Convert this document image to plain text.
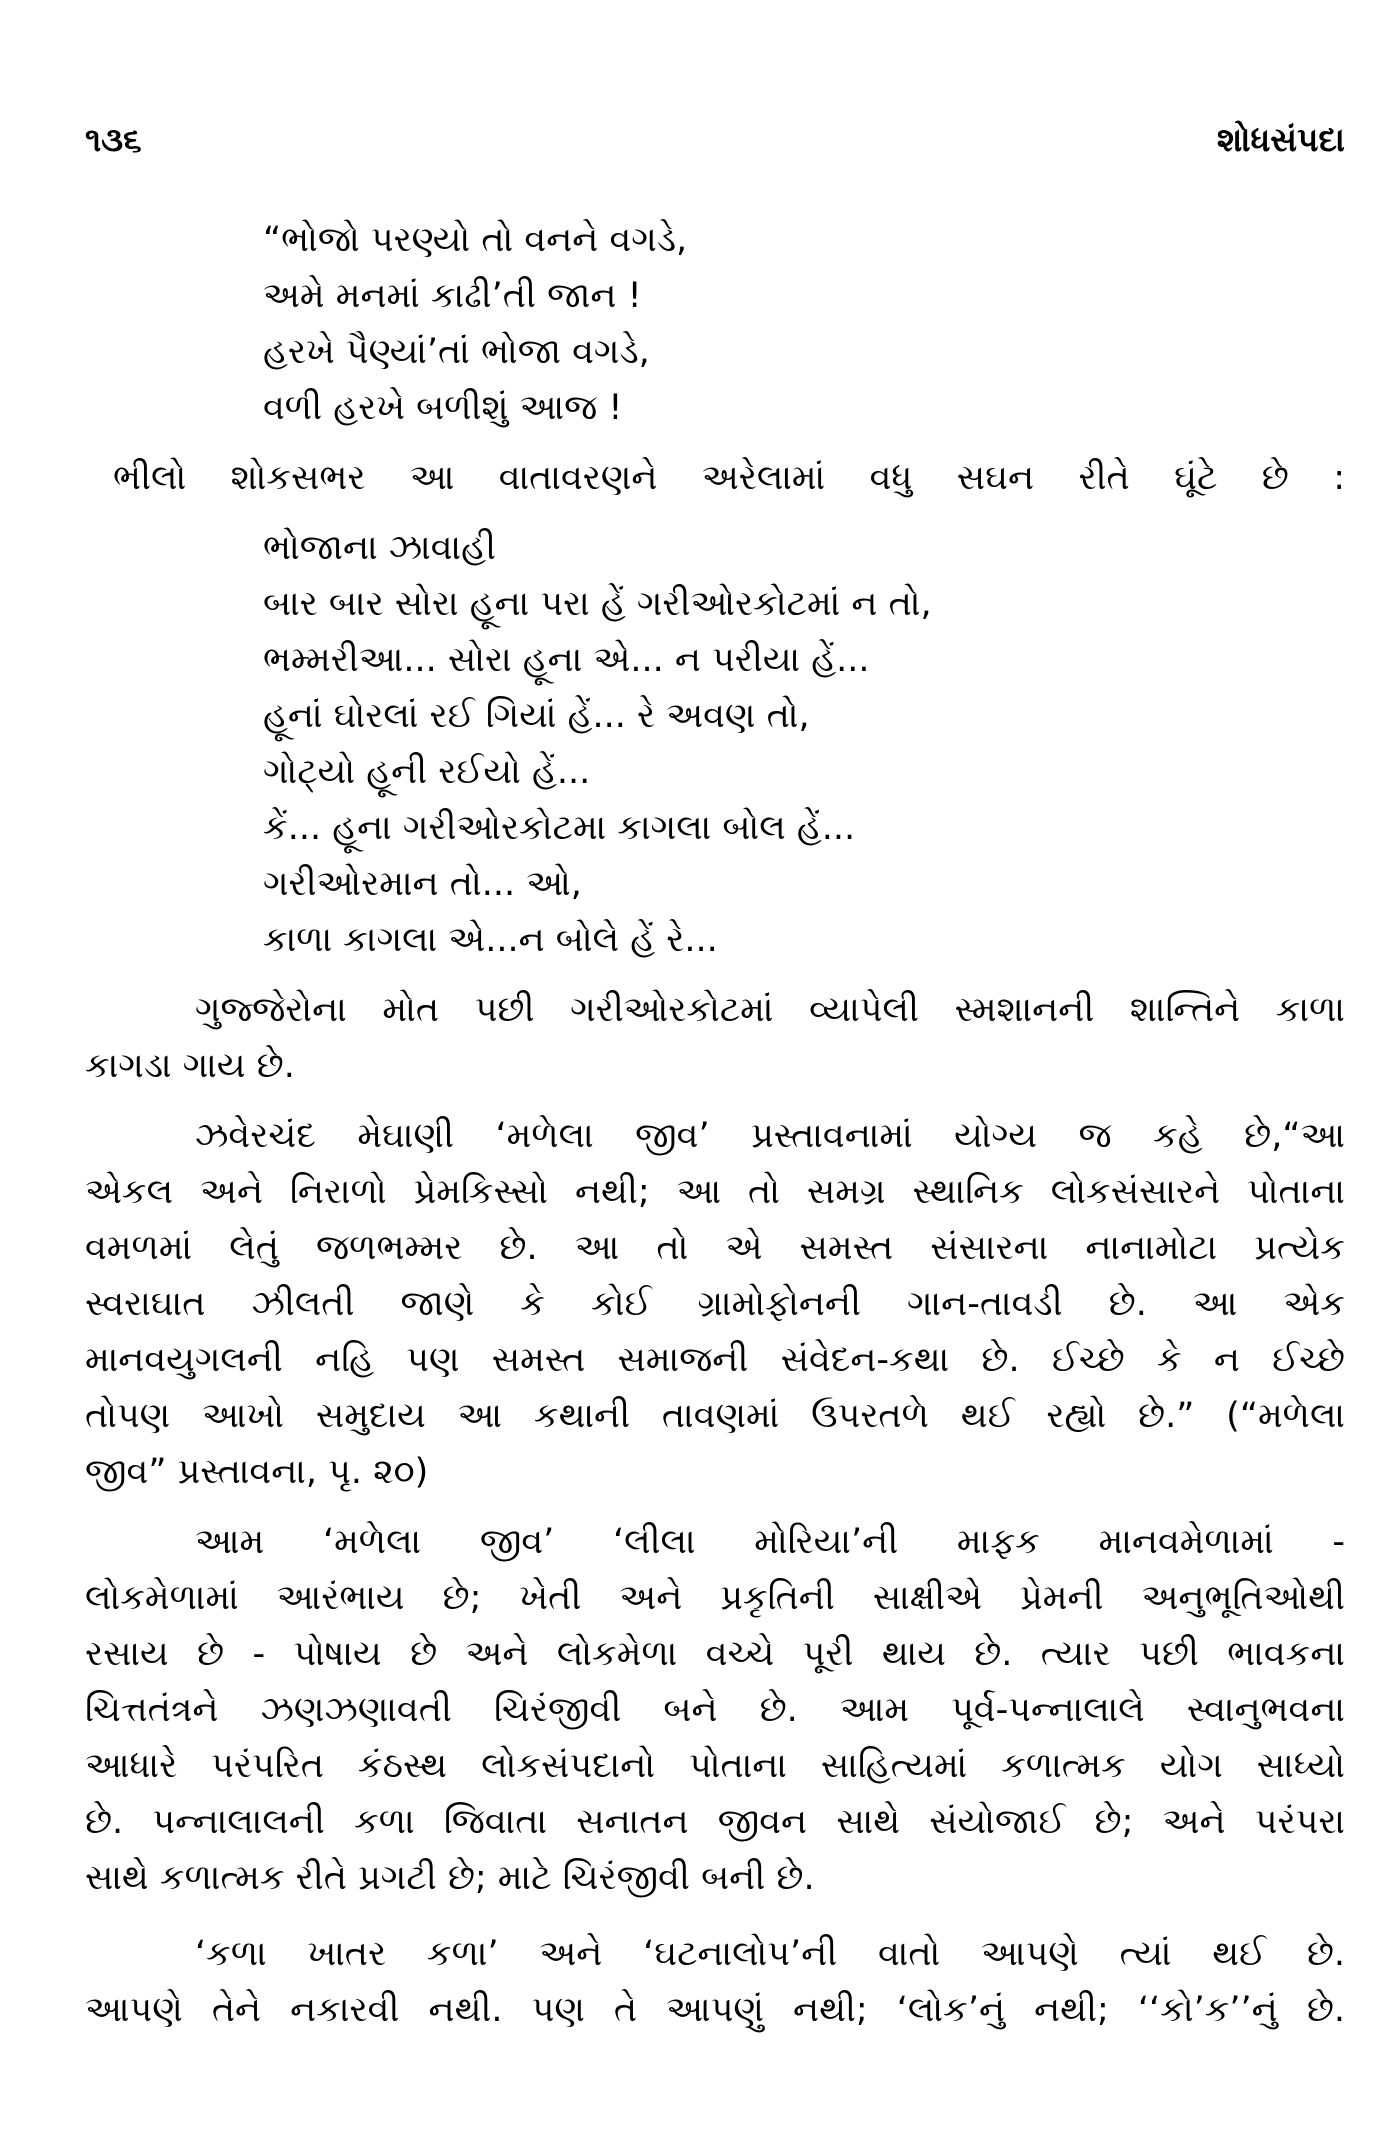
૧૩૬	શોધસંપદા
“ભોજો પરણ્યો તો વનને વગડે,
અમે મનમાં કાઢી’તી જાન !
હરખે પૈણ્યાં’તાં ભોજા વગડે,
વળી હરખે બળીશું આજ !
ભીલો શોકસભર આ વાતાવરણને અરેલામાં વધુ સઘન રીતે ઘૂંટે છે :
ભોજાના ઝાવાહી
બાર બાર સોરા હૂના પરા હેં ગરીઓરકોટમાં ન તો,
ભમ્મરીઆ... સોરા હૂના એ... ન પરીયા હેં...
હૂનાં ઘોરલાં રઈ ગિયાં હેં... રે અવણ તો,
ગોટ્યો હૂની રઈયો હેં...
કેં... હૂના ગરીઓરકોટમા કાગલા બોલ હેં...
ગરીઓરમાન તો... ઓ,
કાળા કાગલા એ...ન બોલે હેં રે...
ગુજ્જેરોના મોત પછી ગરીઓરકોટમાં વ્યાપેલી સ્મશાનની શાન્તિને કાળા
કાગડા ગાય છે.
ઝવેરચંદ મેઘાણી ‘મળેલા જીવ’ પ્રસ્તાવનામાં યોગ્ય જ કહે છે,“આ
એકલ અને નિરાળો પ્રેમકિસ્સો નથી; આ તો સમગ્ર સ્થાનિક લોકસંસારને પોતાના
વમળમાં લેતું જળભમ્મર છે. આ તો એ સમસ્ત સંસારના નાનામોટા પ્રત્યેક
સ્વરાઘાત ઝીલતી જાણે કે કોઈ ગ્રામોફોનની ગાન-તાવડી છે. આ એક
માનવયુગલની નહિ પણ સમસ્ત સમાજની સંવેદન-કથા છે. ઈચ્છે કે ન ઈચ્છે
તોપણ આખો સમુદાય આ કથાની તાવણમાં ઉપરતળે થઈ રહ્યો છે.” (“મળેલા
જીવ” પ્રસ્તાવના, પૃ. ૨૦)
આમ ‘મળેલા જીવ’ ‘લીલા મોરિયા’ની માફક માનવમેળામાં -
લોકમેળામાં આરંભાય છે; ખેતી અને પ્રકૃતિની સાક્ષીએ પ્રેમની અનુભૂતિઓથી
રસાય છે - પોષાય છે અને લોકમેળા વચ્ચે પૂરી થાય છે. ત્યાર પછી ભાવકના
ચિત્તતંત્રને ઝણઝણાવતી ચિરંજીવી બને છે. આમ પૂર્વ-પન્નાલાલે સ્વાનુભવના
આધારે પરંપરિત કંઠસ્થ લોકસંપદાનો પોતાના સાહિત્યમાં કળાત્મક યોગ સાધ્યો
છે. પન્નાલાલની કળા જિવાતા સનાતન જીવન સાથે સંયોજાઈ છે; અને પરંપરા
સાથે કળાત્મક રીતે પ્રગટી છે; માટે ચિરંજીવી બની છે.
‘કળા ખાતર કળા’ અને ‘ઘટનાલોપ’ની વાતો આપણે ત્યાં થઈ છે.
આપણે તેને નકારવી નથી. પણ તે આપણું નથી; ‘લોક’નું નથી; ‘‘કો’ક’’નું છે.
